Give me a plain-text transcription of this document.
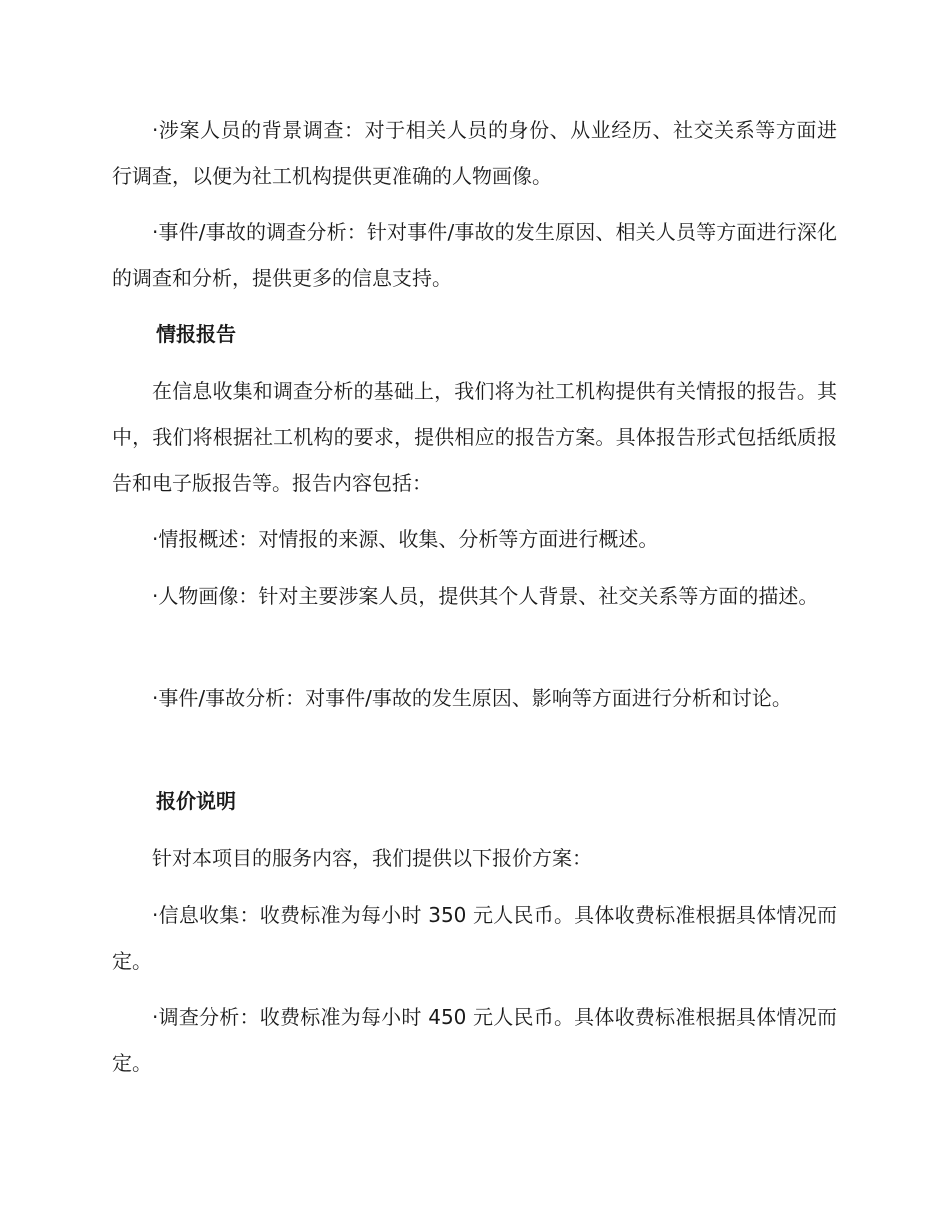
·涉案人员的背景调查：对于相关人员的身份、从业经历、社交关系等方面进行调查，以便为社工机构提供更准确的人物画像。

·事件/事故的调查分析：针对事件/事故的发生原因、相关人员等方面进行深化的调查和分析，提供更多的信息支持。

情报报告

在信息收集和调查分析的基础上，我们将为社工机构提供有关情报的报告。其中，我们将根据社工机构的要求，提供相应的报告方案。具体报告形式包括纸质报告和电子版报告等。报告内容包括：

·情报概述：对情报的来源、收集、分析等方面进行概述。

·人物画像：针对主要涉案人员，提供其个人背景、社交关系等方面的描述。

·事件/事故分析：对事件/事故的发生原因、影响等方面进行分析和讨论。

报价说明

针对本项目的服务内容，我们提供以下报价方案：

·信息收集：收费标准为每小时 350 元人民币。具体收费标准根据具体情况而定。

·调查分析：收费标准为每小时 450 元人民币。具体收费标准根据具体情况而定。
